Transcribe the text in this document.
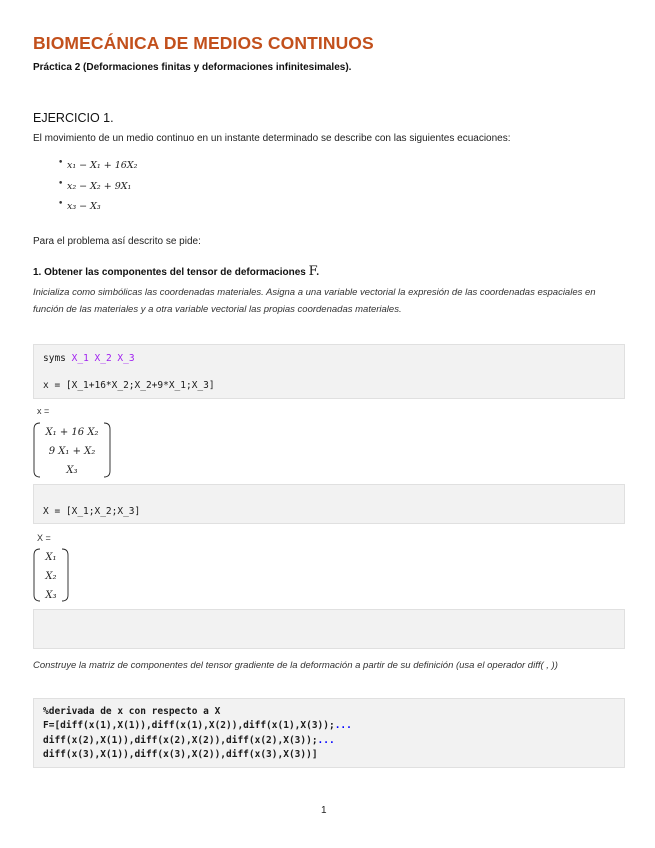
BIOMECÁNICA DE MEDIOS CONTINUOS

Práctica 2 (Deformaciones finitas y deformaciones infinitesimales).

EJERCICIO 1.

El movimiento de un medio continuo en un instante determinado se describe con las siguientes ecuaciones:

• x₁ − X₁ + 16X₂
• x₂ − X₂ + 9X₁
• x₃ − X₃

Para el problema así descrito se pide:

1. Obtener las componentes del tensor de deformaciones F.

Inicializa como simbólicas las coordenadas materiales. Asigna a una variable vectorial la expresión de las coordenadas espaciales en función de las materiales y a otra variable vectorial las propias coordenadas materiales.

syms X_1 X_2 X_3
x = [X_1+16*X_2;X_2+9*X_1;X_3]
x =
X₁ + 16 X₂
9 X₁ + X₂
X₃
X = [X_1;X_2;X_3]
X =
X₁
X₂
X₃

Construye la matriz de componentes del tensor gradiente de la deformación a partir de su definición (usa el operador diff( , ))

%derivada de x con respecto a X
F=[diff(x(1),X(1)),diff(x(1),X(2)),diff(x(1),X(3));...
diff(x(2),X(1)),diff(x(2),X(2)),diff(x(2),X(3));...
diff(x(3),X(1)),diff(x(3),X(2)),diff(x(3),X(3))]
1
